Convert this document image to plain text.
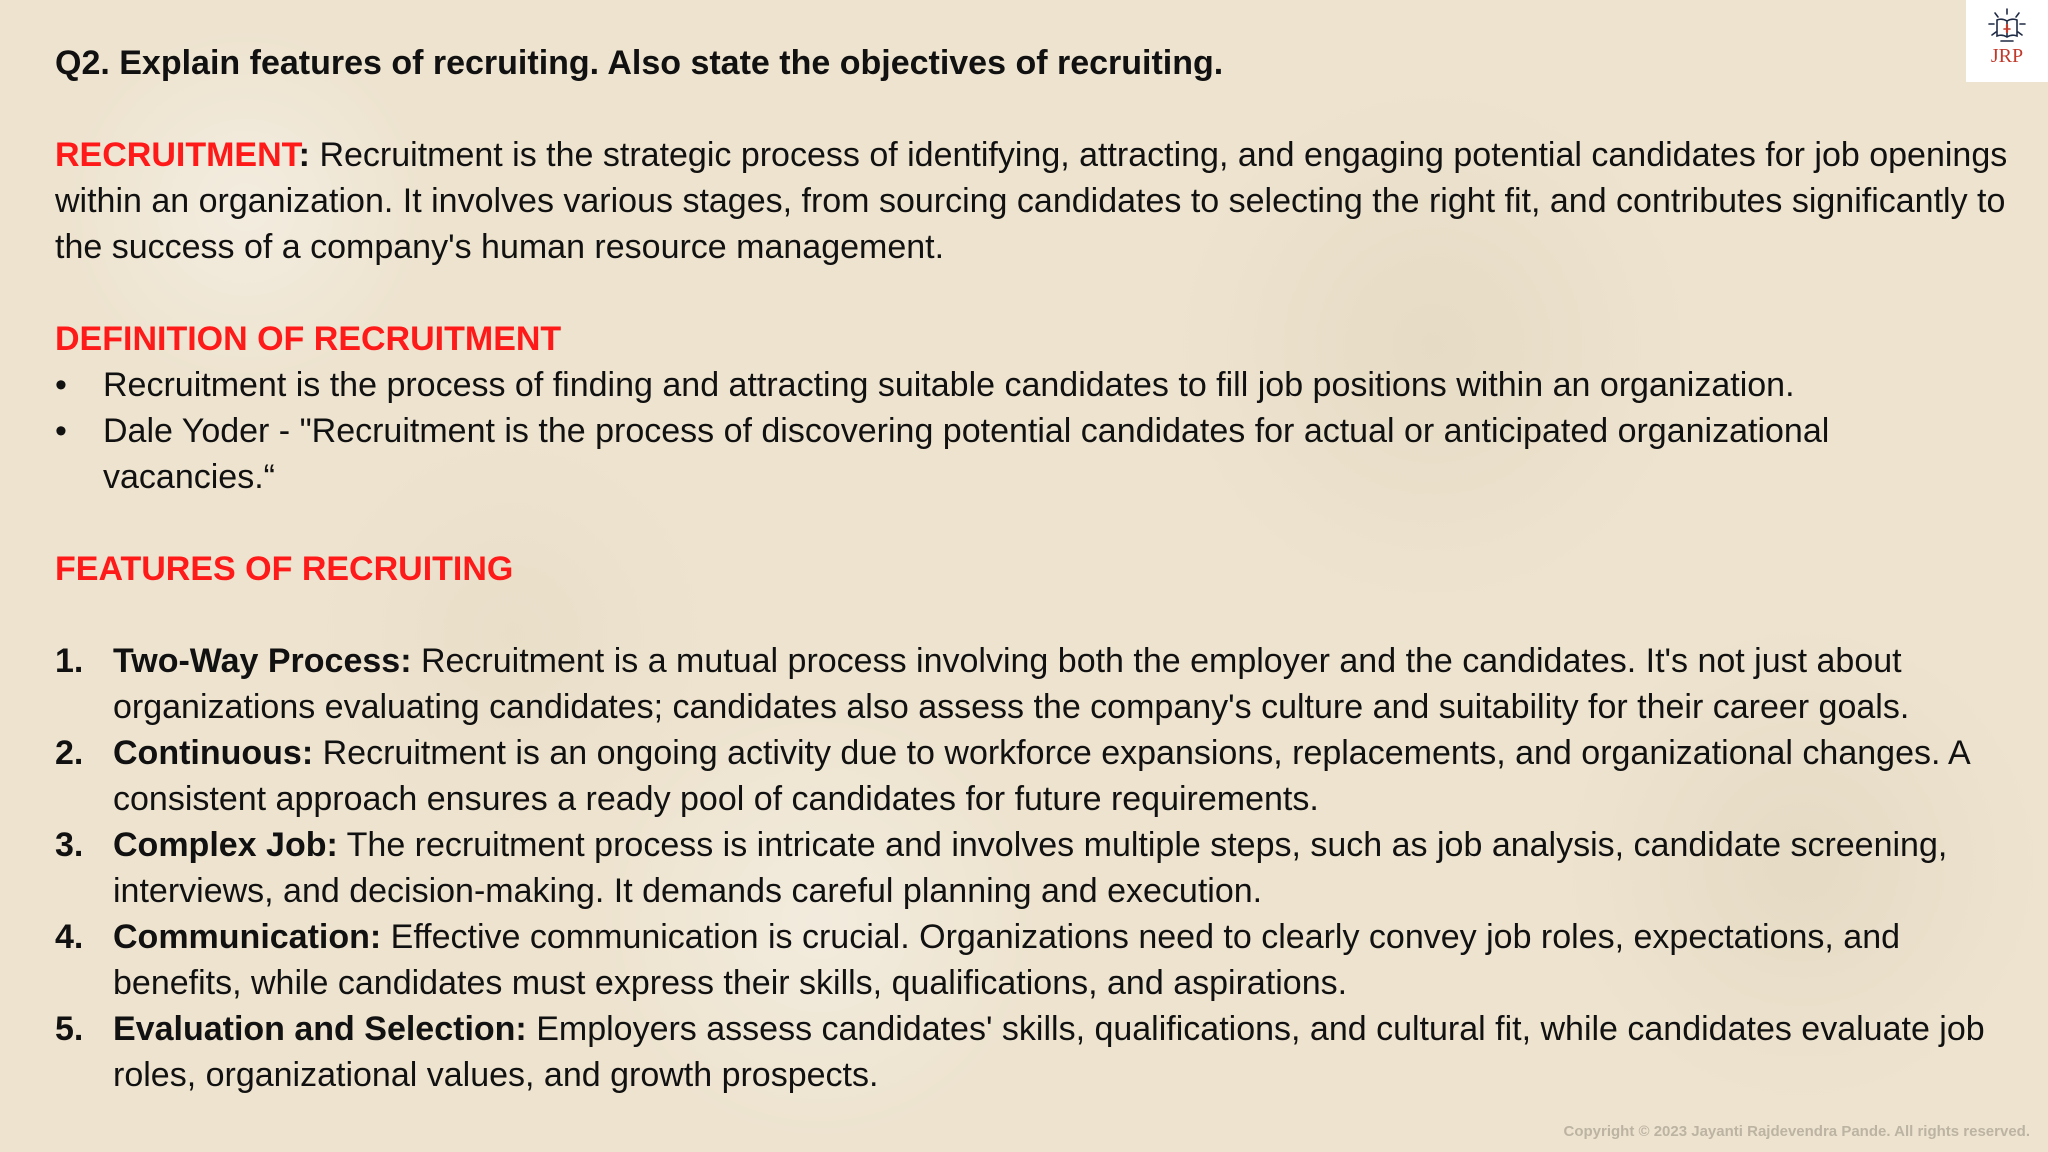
Q2. Explain features of recruiting. Also state the objectives of recruiting.

RECRUITMENT: Recruitment is the strategic process of identifying, attracting, and engaging potential candidates for job openings within an organization. It involves various stages, from sourcing candidates to selecting the right fit, and contributes significantly to the success of a company's human resource management.

DEFINITION OF RECRUITMENT

•	Recruitment is the process of finding and attracting suitable candidates to fill job positions within an organization.
•	Dale Yoder - "Recruitment is the process of discovering potential candidates for actual or anticipated organizational vacancies.“

FEATURES OF RECRUITING

1. Two-Way Process: Recruitment is a mutual process involving both the employer and the candidates. It's not just about organizations evaluating candidates; candidates also assess the company's culture and suitability for their career goals.
2. Continuous: Recruitment is an ongoing activity due to workforce expansions, replacements, and organizational changes. A consistent approach ensures a ready pool of candidates for future requirements.
3. Complex Job: The recruitment process is intricate and involves multiple steps, such as job analysis, candidate screening, interviews, and decision-making. It demands careful planning and execution.
4. Communication: Effective communication is crucial. Organizations need to clearly convey job roles, expectations, and benefits, while candidates must express their skills, qualifications, and aspirations.
5. Evaluation and Selection: Employers assess candidates' skills, qualifications, and cultural fit, while candidates evaluate job roles, organizational values, and growth prospects.
JRP
Copyright © 2023 Jayanti Rajdevendra Pande. All rights reserved.
